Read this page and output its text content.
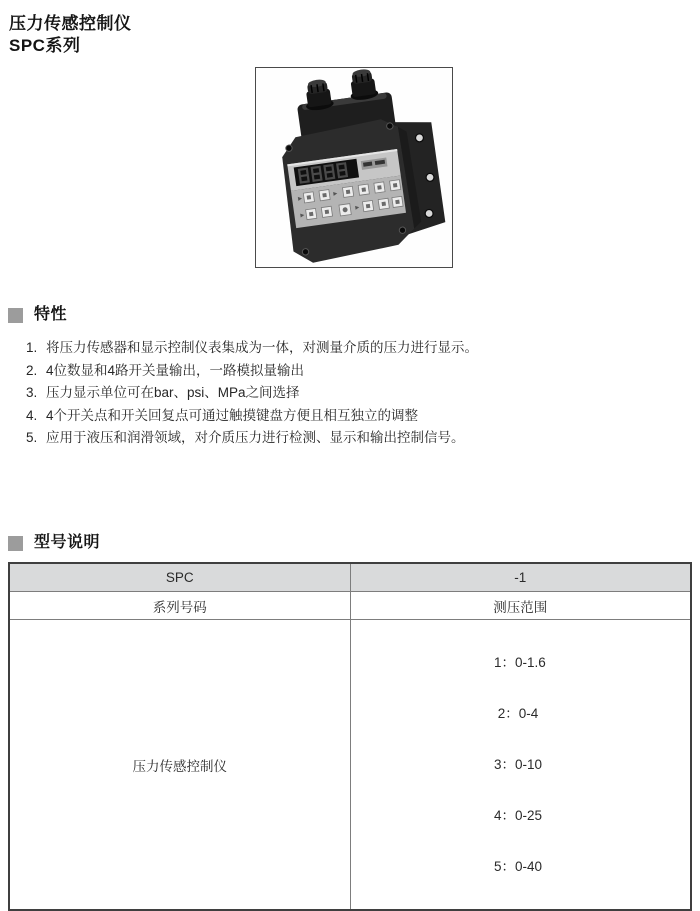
压力传感控制仪
SPC系列
特性
1. 将压力传感器和显示控制仪表集成为一体，对测量介质的压力进行显示。
2. 4位数显和4路开关量输出，一路模拟量输出
3. 压力显示单位可在bar、psi、MPa之间选择
4. 4个开关点和开关回复点可通过触摸键盘方便且相互独立的调整
5. 应用于液压和润滑领域，对介质压力进行检测、显示和输出控制信号。
型号说明
SPC	-1
系列号码	测压范围
压力传感控制仪	1：0-1.6

2：0-4

3：0-10

4：0-25

5：0-40
